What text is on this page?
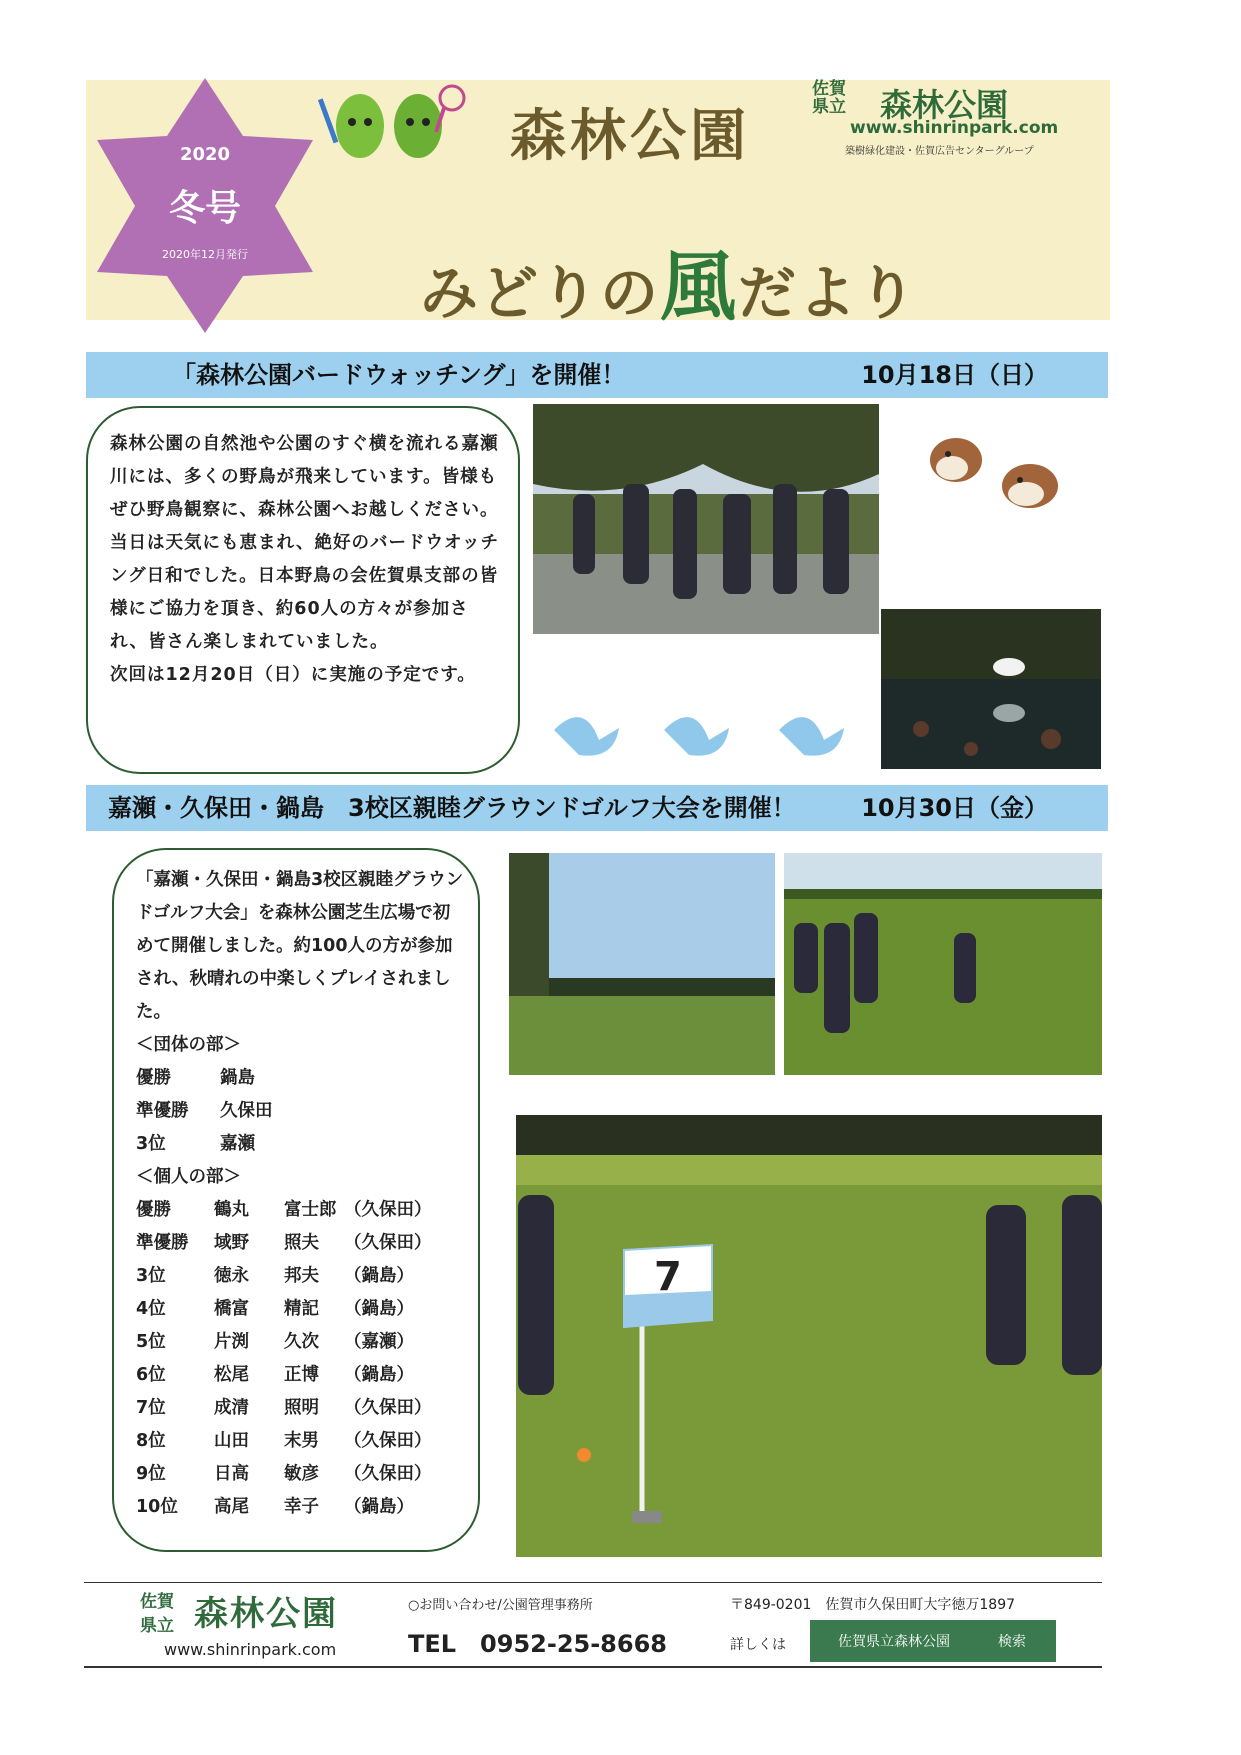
2020
冬号
2020年12月発行
森林公園
佐賀県立 森林公園
www.shinrinpark.com
築樹緑化建設・佐賀広告センターグループ
みどりの風だより
「森林公園バードウォッチング」を開催！	10月18日（日）
森林公園の自然池や公園のすぐ横を流れる嘉瀬川には、多くの野鳥が飛来しています。皆様もぜひ野鳥観察に、森林公園へお越しください。当日は天気にも恵まれ、絶好のバードウオッチング日和でした。日本野鳥の会佐賀県支部の皆様にご協力を頂き、約60人の方々が参加され、皆さん楽しまれていました。
次回は12月20日（日）に実施の予定です。
嘉瀬・久保田・鍋島　3校区親睦グラウンドゴルフ大会を開催！	10月30日（金）
「嘉瀬・久保田・鍋島3校区親睦グラウンドゴルフ大会」を森林公園芝生広場で初めて開催しました。約100人の方が参加され、秋晴れの中楽しくプレイされました。
＜団体の部＞
優勝	鍋島
準優勝	久保田
3位	嘉瀬
＜個人の部＞
優勝	鶴丸	富士郎 （久保田）
準優勝	域野	照夫	（久保田）
3位	徳永	邦夫	（鍋島）
4位	橋富	精記	（鍋島）
5位	片渕	久次	（嘉瀬）
6位	松尾	正博	（鍋島）
7位	成清	照明	（久保田）
8位	山田	末男	（久保田）
9位	日高	敏彦	（久保田）
10位	高尾	幸子	（鍋島）
7
佐賀県立 森林公園
www.shinrinpark.com
○お問い合わせ/公園管理事務所
TEL　0952-25-8668
〒849-0201　佐賀市久保田町大字徳万1897
詳しくは	佐賀県立森林公園	検索
